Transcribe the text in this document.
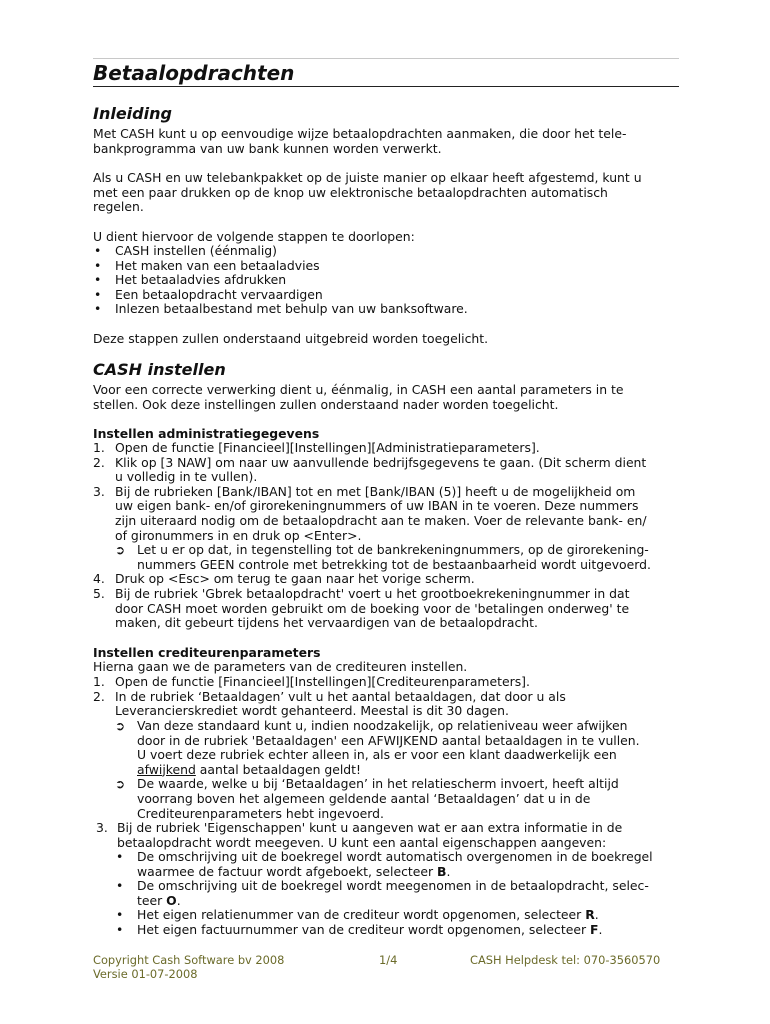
Betaalopdrachten
Inleiding

Met CASH kunt u op eenvoudige wijze betaalopdrachten aanmaken, die door het tele-
bankprogramma van uw bank kunnen worden verwerkt.

Als u CASH en uw telebankpakket op de juiste manier op elkaar heeft afgestemd, kunt u
met een paar drukken op de knop uw elektronische betaalopdrachten automatisch
regelen.

U dient hiervoor de volgende stappen te doorlopen:

• CASH instellen (éénmalig)
• Het maken van een betaaladvies
• Het betaaladvies afdrukken
• Een betaalopdracht vervaardigen
• Inlezen betaalbestand met behulp van uw banksoftware.

Deze stappen zullen onderstaand uitgebreid worden toegelicht.

CASH instellen

Voor een correcte verwerking dient u, éénmalig, in CASH een aantal parameters in te
stellen. Ook deze instellingen zullen onderstaand nader worden toegelicht.

Instellen administratiegegevens
1. Open de functie [Financieel][Instellingen][Administratieparameters].
2. Klik op [3 NAW] om naar uw aanvullende bedrijfsgegevens te gaan. (Dit scherm dient
u volledig in te vullen).
3. Bij de rubrieken [Bank/IBAN] tot en met [Bank/IBAN (5)] heeft u de mogelijkheid om
uw eigen bank- en/of girorekeningnummers of uw IBAN in te voeren. Deze nummers
zijn uiteraard nodig om de betaalopdracht aan te maken. Voer de relevante bank- en/
of gironummers in en druk op <Enter>.
➲ Let u er op dat, in tegenstelling tot de bankrekeningnummers, op de girorekening-
nummers GEEN controle met betrekking tot de bestaanbaarheid wordt uitgevoerd.
4. Druk op <Esc> om terug te gaan naar het vorige scherm.
5. Bij de rubriek 'Gbrek betaalopdracht' voert u het grootboekrekeningnummer in dat
door CASH moet worden gebruikt om de boeking voor de 'betalingen onderweg' te
maken, dit gebeurt tijdens het vervaardigen van de betaalopdracht.
Instellen crediteurenparameters

Hierna gaan we de parameters van de crediteuren instellen.

1. Open de functie [Financieel][Instellingen][Crediteurenparameters].
2. In de rubriek ‘Betaaldagen’ vult u het aantal betaaldagen, dat door u als
Leverancierskrediet wordt gehanteerd. Meestal is dit 30 dagen.
➲ Van deze standaard kunt u, indien noodzakelijk, op relatieniveau weer afwijken
door in de rubriek 'Betaaldagen' een AFWIJKEND aantal betaaldagen in te vullen.
U voert deze rubriek echter alleen in, als er voor een klant daadwerkelijk een
afwijkend aantal betaaldagen geldt!
➲ De waarde, welke u bij ‘Betaaldagen’ in het relatiescherm invoert, heeft altijd
voorrang boven het algemeen geldende aantal ‘Betaaldagen’ dat u in de
Crediteurenparameters hebt ingevoerd.
3. Bij de rubriek 'Eigenschappen' kunt u aangeven wat er aan extra informatie in de
betaalopdracht wordt meegeven. U kunt een aantal eigenschappen aangeven:
• De omschrijving uit de boekregel wordt automatisch overgenomen in de boekregel
waarmee de factuur wordt afgeboekt, selecteer B.
• De omschrijving uit de boekregel wordt meegenomen in de betaalopdracht, selec-
teer O.
• Het eigen relatienummer van de crediteur wordt opgenomen, selecteer R.
• Het eigen factuurnummer van de crediteur wordt opgenomen, selecteer F.
Copyright Cash Software bv 2008
Versie 01-07-2008
1/4	CASH Helpdesk tel: 070-3560570
